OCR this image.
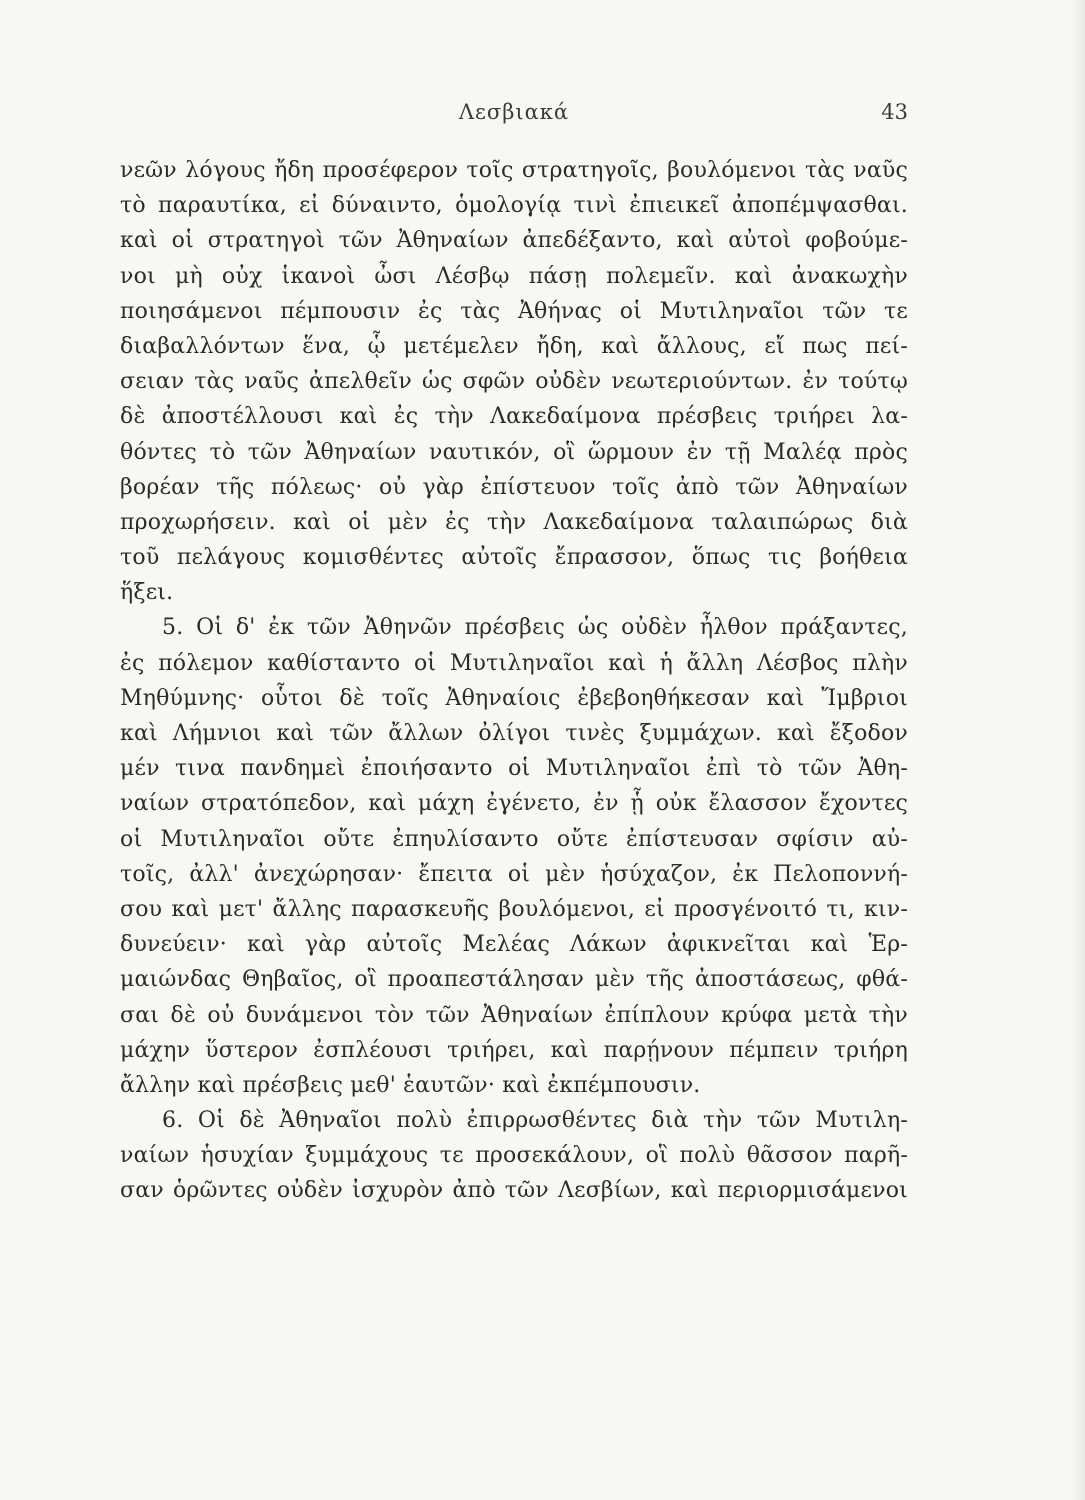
Λεσβιακά	43
νεῶν λόγους ἤδη προσέφερον τοῖς στρατηγοῖς, βουλόμενοι τὰς ναῦς
τὸ παραυτίκα, εἰ δύναιντο, ὁμολογίᾳ τινὶ ἐπιεικεῖ ἀποπέμψασθαι.
καὶ οἱ στρατηγοὶ τῶν Ἀθηναίων ἀπεδέξαντο, καὶ αὐτοὶ φοβούμε-
νοι μὴ οὐχ ἱκανοὶ ὦσι Λέσβῳ πάσῃ πολεμεῖν. καὶ ἀνακωχὴν
ποιησάμενοι πέμπουσιν ἐς τὰς Ἀθήνας οἱ Μυτιληναῖοι τῶν τε
διαβαλλόντων ἕνα, ᾧ μετέμελεν ἤδη, καὶ ἄλλους, εἴ πως πεί-
σειαν τὰς ναῦς ἀπελθεῖν ὡς σφῶν οὐδὲν νεωτεριούντων. ἐν τούτῳ
δὲ ἀποστέλλουσι καὶ ἐς τὴν Λακεδαίμονα πρέσβεις τριήρει λα-
θόντες τὸ τῶν Ἀθηναίων ναυτικόν, οἳ ὥρμουν ἐν τῇ Μαλέᾳ πρὸς
βορέαν τῆς πόλεως· οὐ γὰρ ἐπίστευον τοῖς ἀπὸ τῶν Ἀθηναίων
προχωρήσειν. καὶ οἱ μὲν ἐς τὴν Λακεδαίμονα ταλαιπώρως διὰ
τοῦ πελάγους κομισθέντες αὐτοῖς ἔπρασσον, ὅπως τις βοήθεια
ἥξει.
5. Οἱ δ' ἐκ τῶν Ἀθηνῶν πρέσβεις ὡς οὐδὲν ἦλθον πράξαντες,
ἐς πόλεμον καθίσταντο οἱ Μυτιληναῖοι καὶ ἡ ἄλλη Λέσβος πλὴν
Μηθύμνης· οὗτοι δὲ τοῖς Ἀθηναίοις ἐβεβοηθήκεσαν καὶ Ἴμβριοι
καὶ Λήμνιοι καὶ τῶν ἄλλων ὀλίγοι τινὲς ξυμμάχων. καὶ ἔξοδον
μέν τινα πανδημεὶ ἐποιήσαντο οἱ Μυτιληναῖοι ἐπὶ τὸ τῶν Ἀθη-
ναίων στρατόπεδον, καὶ μάχη ἐγένετο, ἐν ᾗ οὐκ ἔλασσον ἔχοντες
οἱ Μυτιληναῖοι οὔτε ἐπηυλίσαντο οὔτε ἐπίστευσαν σφίσιν αὐ-
τοῖς, ἀλλ' ἀνεχώρησαν· ἔπειτα οἱ μὲν ἡσύχαζον, ἐκ Πελοποννή-
σου καὶ μετ' ἄλλης παρασκευῆς βουλόμενοι, εἰ προσγένοιτό τι, κιν-
δυνεύειν· καὶ γὰρ αὐτοῖς Μελέας Λάκων ἀφικνεῖται καὶ Ἑρ-
μαιώνδας Θηβαῖος, οἳ προαπεστάλησαν μὲν τῆς ἀποστάσεως, φθά-
σαι δὲ οὐ δυνάμενοι τὸν τῶν Ἀθηναίων ἐπίπλουν κρύφα μετὰ τὴν
μάχην ὕστερον ἐσπλέουσι τριήρει, καὶ παρῄνουν πέμπειν τριήρη
ἄλλην καὶ πρέσβεις μεθ' ἑαυτῶν· καὶ ἐκπέμπουσιν.
6. Οἱ δὲ Ἀθηναῖοι πολὺ ἐπιρρωσθέντες διὰ τὴν τῶν Μυτιλη-
ναίων ἡσυχίαν ξυμμάχους τε προσεκάλουν, οἳ πολὺ θᾶσσον παρῆ-
σαν ὁρῶντες οὐδὲν ἰσχυρὸν ἀπὸ τῶν Λεσβίων, καὶ περιορμισάμενοι
